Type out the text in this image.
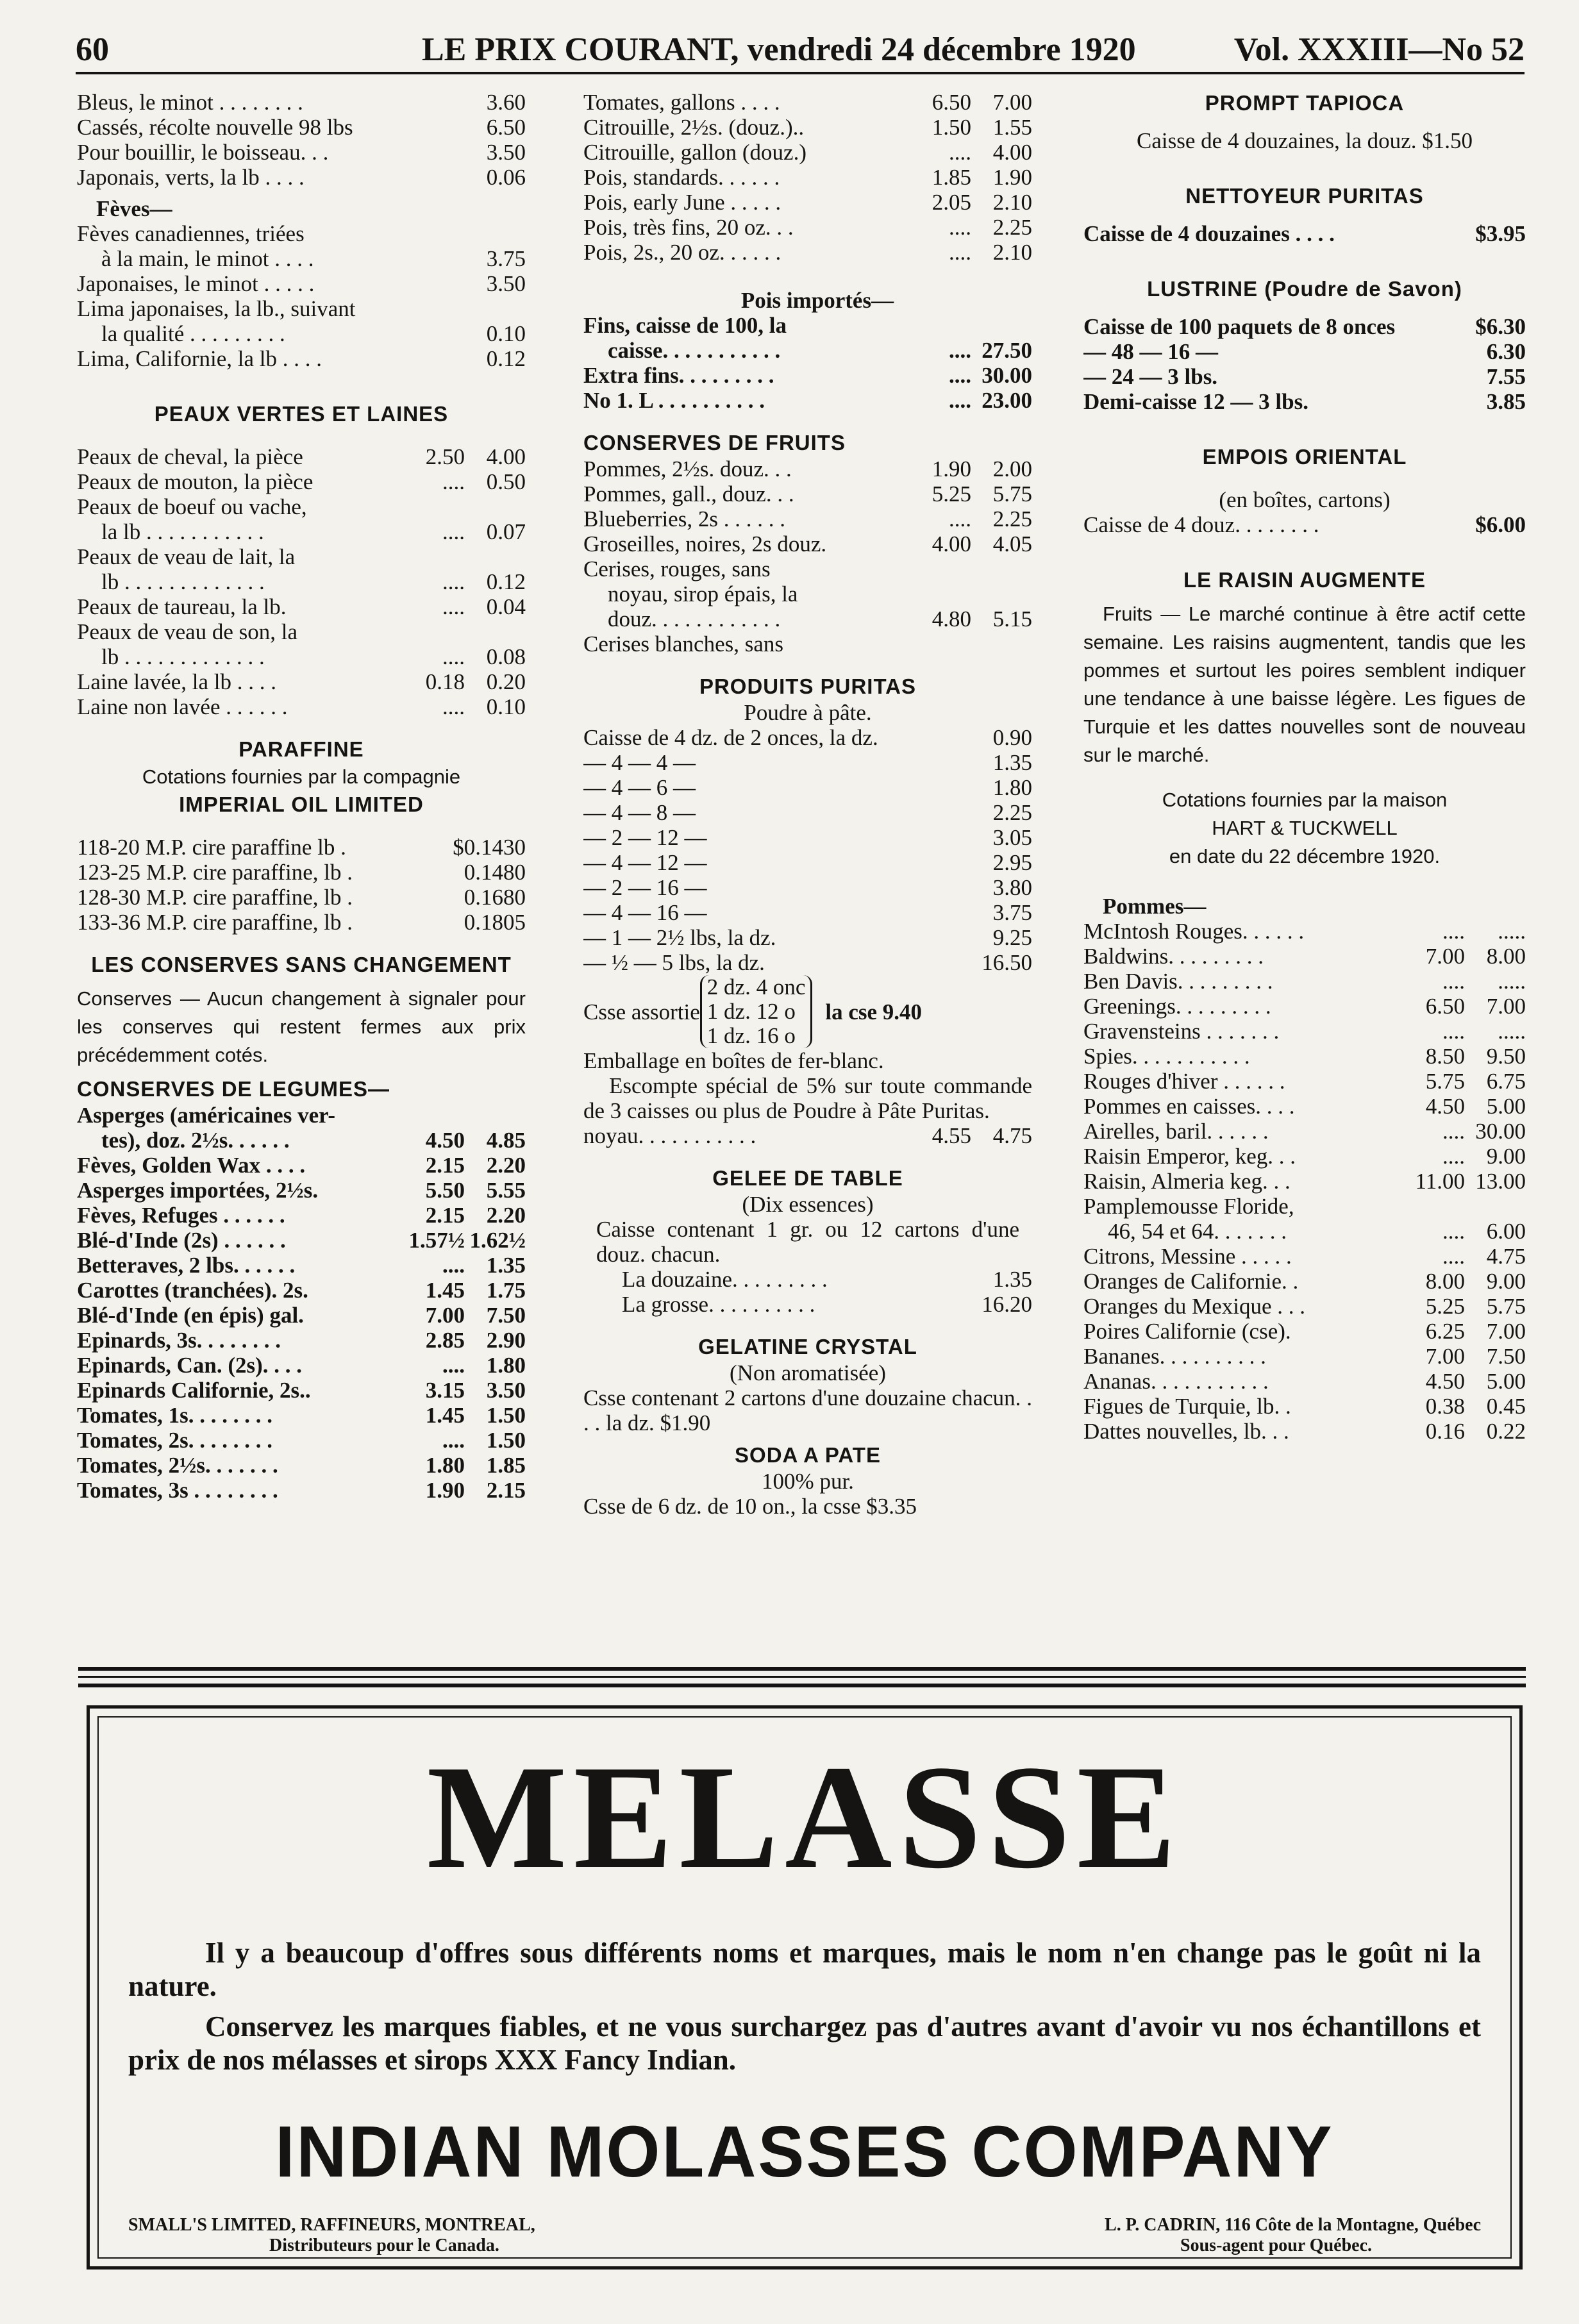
60	LE PRIX COURANT, vendredi 24 décembre 1920	Vol. XXXIII—No 52
Bleus, le minot . . . . . . . .	3.60
Cassés, récolte nouvelle 98 lbs	6.50
Pour bouillir, le boisseau. . .	3.50
Japonais, verts, la lb . . . .	0.06
Fèves—
Fèves canadiennes, triées
à la main, le minot . . . .	3.75
Japonaises, le minot . . . . .	3.50
Lima japonaises, la lb., suivant
la qualité . . . . . . . . .	0.10
Lima, Californie, la lb . . . .	0.12
PEAUX VERTES ET LAINES
Peaux de cheval, la pièce	2.50 4.00
Peaux de mouton, la pièce	.... 0.50
Peaux de boeuf ou vache,
la lb . . . . . . . . . . .	.... 0.07
Peaux de veau de lait, la
lb . . . . . . . . . . . . .	.... 0.12
Peaux de taureau, la lb.	.... 0.04
Peaux de veau de son, la
lb . . . . . . . . . . . . .	.... 0.08
Laine lavée, la lb . . . .	0.18 0.20
Laine non lavée . . . . . .	.... 0.10
PARAFFINE
Cotations fournies par la compagnie
IMPERIAL OIL LIMITED
118-20 M.P. cire paraffine lb .	$0.1430
123-25 M.P. cire paraffine, lb .	0.1480
128-30 M.P. cire paraffine, lb .	0.1680
133-36 M.P. cire paraffine, lb .	0.1805
LES CONSERVES SANS CHANGEMENT
Conserves — Aucun changement à signaler pour les conserves qui restent fermes aux prix précédemment cotés.
CONSERVES DE LEGUMES—
Asperges (américaines ver-
tes), doz. 2½s. . . . . .	4.50 4.85
Fèves, Golden Wax . . . .	2.15 2.20
Asperges importées, 2½s.	5.50 5.55
Fèves, Refuges . . . . . .	2.15 2.20
Blé-d'Inde (2s) . . . . . .	1.57½ 1.62½
Betteraves, 2 lbs. . . . . .	.... 1.35
Carottes (tranchées). 2s.	1.45 1.75
Blé-d'Inde (en épis) gal.	7.00 7.50
Epinards, 3s. . . . . . . .	2.85 2.90
Epinards, Can. (2s). . . .	.... 1.80
Epinards Californie, 2s..	3.15 3.50
Tomates, 1s. . . . . . . .	1.45 1.50
Tomates, 2s. . . . . . . .	.... 1.50
Tomates, 2½s. . . . . . .	1.80 1.85
Tomates, 3s . . . . . . . .	1.90 2.15
Tomates, gallons . . . .	6.50 7.00
Citrouille, 2½s. (douz.)..	1.50 1.55
Citrouille, gallon (douz.)	.... 4.00
Pois, standards. . . . . .	1.85 1.90
Pois, early June . . . . .	2.05 2.10
Pois, très fins, 20 oz. . .	.... 2.25
Pois, 2s., 20 oz. . . . . .	.... 2.10
Pois importés—
Fins, caisse de 100, la
caisse. . . . . . . . . . .	.... 27.50
Extra fins. . . . . . . . .	.... 30.00
No 1. L . . . . . . . . . .	.... 23.00
CONSERVES DE FRUITS
Pommes, 2½s. douz. . .	1.90 2.00
Pommes, gall., douz. . .	5.25 5.75
Blueberries, 2s . . . . . .	.... 2.25
Groseilles, noires, 2s douz.	4.00 4.05
Cerises, rouges, sans
noyau, sirop épais, la
douz. . . . . . . . . . . .	4.80 5.15
Cerises blanches, sans
PRODUITS PURITAS
Poudre à pâte.
Caisse de 4 dz. de 2 onces, la dz.	0.90
— 4 — 4 —	1.35
— 4 — 6 —	1.80
— 4 — 8 —	2.25
— 2 — 12 —	3.05
— 4 — 12 —	2.95
— 2 — 16 —	3.80
— 4 — 16 —	3.75
— 1 — 2½ lbs, la dz.	9.25
— ½ — 5 lbs, la dz.	16.50
Csse assortie
2 dz. 4 onc
1 dz. 12 o
1 dz. 16 o
la cse 9.40
Emballage en boîtes de fer-blanc.
Escompte spécial de 5% sur toute commande de 3 caisses ou plus de Poudre à Pâte Puritas.
noyau. . . . . . . . . . .	4.55 4.75
GELEE DE TABLE
(Dix essences)
Caisse contenant 1 gr. ou 12 cartons d'une douz. chacun.
La douzaine. . . . . . . . .	1.35
La grosse. . . . . . . . . .	16.20
GELATINE CRYSTAL
(Non aromatisée)
Csse contenant 2 cartons d'une douzaine chacun. . . . la dz. $1.90
SODA A PATE
100% pur.
Csse de 6 dz. de 10 on., la csse $3.35
PROMPT TAPIOCA
Caisse de 4 douzaines, la douz. $1.50
NETTOYEUR PURITAS
Caisse de 4 douzaines . . . .	$3.95
LUSTRINE (Poudre de Savon)
Caisse de 100 paquets de 8 onces	$6.30
— 48 — 16 —	6.30
— 24 — 3 lbs.	7.55
Demi-caisse 12 — 3 lbs.	3.85
EMPOIS ORIENTAL
(en boîtes, cartons)
Caisse de 4 douz. . . . . . . .	$6.00
LE RAISIN AUGMENTE
Fruits — Le marché continue à être actif cette semaine. Les raisins augmentent, tandis que les pommes et surtout les poires semblent indiquer une tendance à une baisse légère. Les figues de Turquie et les dattes nouvelles sont de nouveau sur le marché.
Cotations fournies par la maison
HART & TUCKWELL
en date du 22 décembre 1920.
Pommes—
McIntosh Rouges. . . . . .	....	.....
Baldwins. . . . . . . . .	7.00 8.00
Ben Davis. . . . . . . . .	....	.....
Greenings. . . . . . . . .	6.50 7.00
Gravensteins . . . . . . .	....	.....
Spies. . . . . . . . . . .	8.50 9.50
Rouges d'hiver . . . . . .	5.75 6.75
Pommes en caisses. . . .	4.50 5.00
Airelles, baril. . . . . .	.... 30.00
Raisin Emperor, keg. . .	.... 9.00
Raisin, Almeria keg. . .	11.00 13.00
Pamplemousse Floride,
46, 54 et 64. . . . . . .	.... 6.00
Citrons, Messine . . . . .	.... 4.75
Oranges de Californie. .	8.00 9.00
Oranges du Mexique . . .	5.25 5.75
Poires Californie (cse).	6.25 7.00
Bananes. . . . . . . . . .	7.00 7.50
Ananas. . . . . . . . . . .	4.50 5.00
Figues de Turquie, lb. .	0.38 0.45
Dattes nouvelles, lb. . .	0.16 0.22
MELASSE
Il y a beaucoup d'offres sous différents noms et marques, mais le nom n'en change pas le goût ni la nature.
Conservez les marques fiables, et ne vous surchargez pas d'autres avant d'avoir vu nos échantillons et prix de nos mélasses et sirops XXX Fancy Indian.
INDIAN MOLASSES COMPANY
SMALL'S LIMITED, RAFFINEURS, MONTREAL,
Distributeurs pour le Canada.
L. P. CADRIN, 116 Côte de la Montagne, Québec
Sous-agent pour Québec.
